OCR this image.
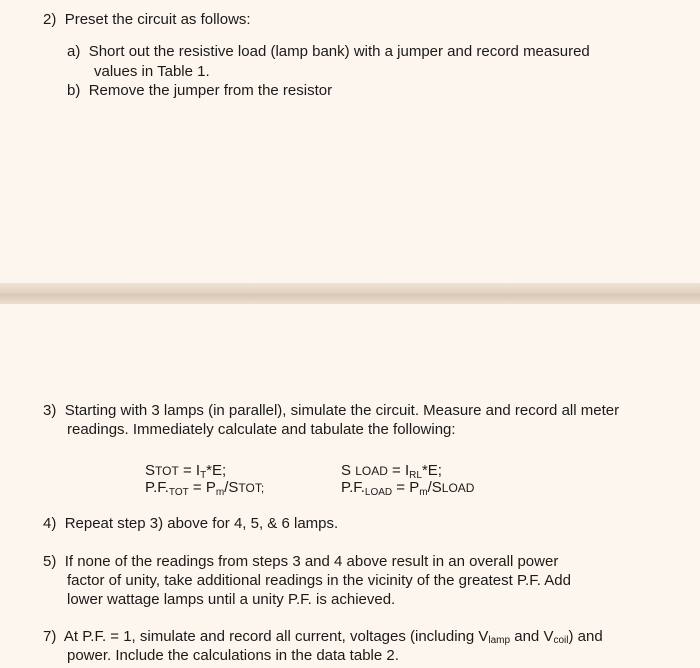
2) Preset the circuit as follows:
a) Short out the resistive load (lamp bank) with a jumper and record measured
values in Table 1.
b) Remove the jumper from the resistor
3) Starting with 3 lamps (in parallel), simulate the circuit. Measure and record all meter
readings. Immediately calculate and tabulate the following:
STOT = $I_T*E$;
$P.F._{TOT}$ = $P_m$/STOT;
S LOAD = $I_{RL}*E$;
$P.F._{LOAD}$ = $P_m$/SLOAD
4) Repeat step 3) above for 4, 5, & 6 lamps.
5) If none of the readings from steps 3 and 4 above result in an overall power
factor of unity, take additional readings in the vicinity of the greatest P.F. Add
lower wattage lamps until a unity P.F. is achieved.
7) At P.F. = 1, simulate and record all current, voltages (including Vlamp and Vcoil) and
power. Include the calculations in the data table 2.
